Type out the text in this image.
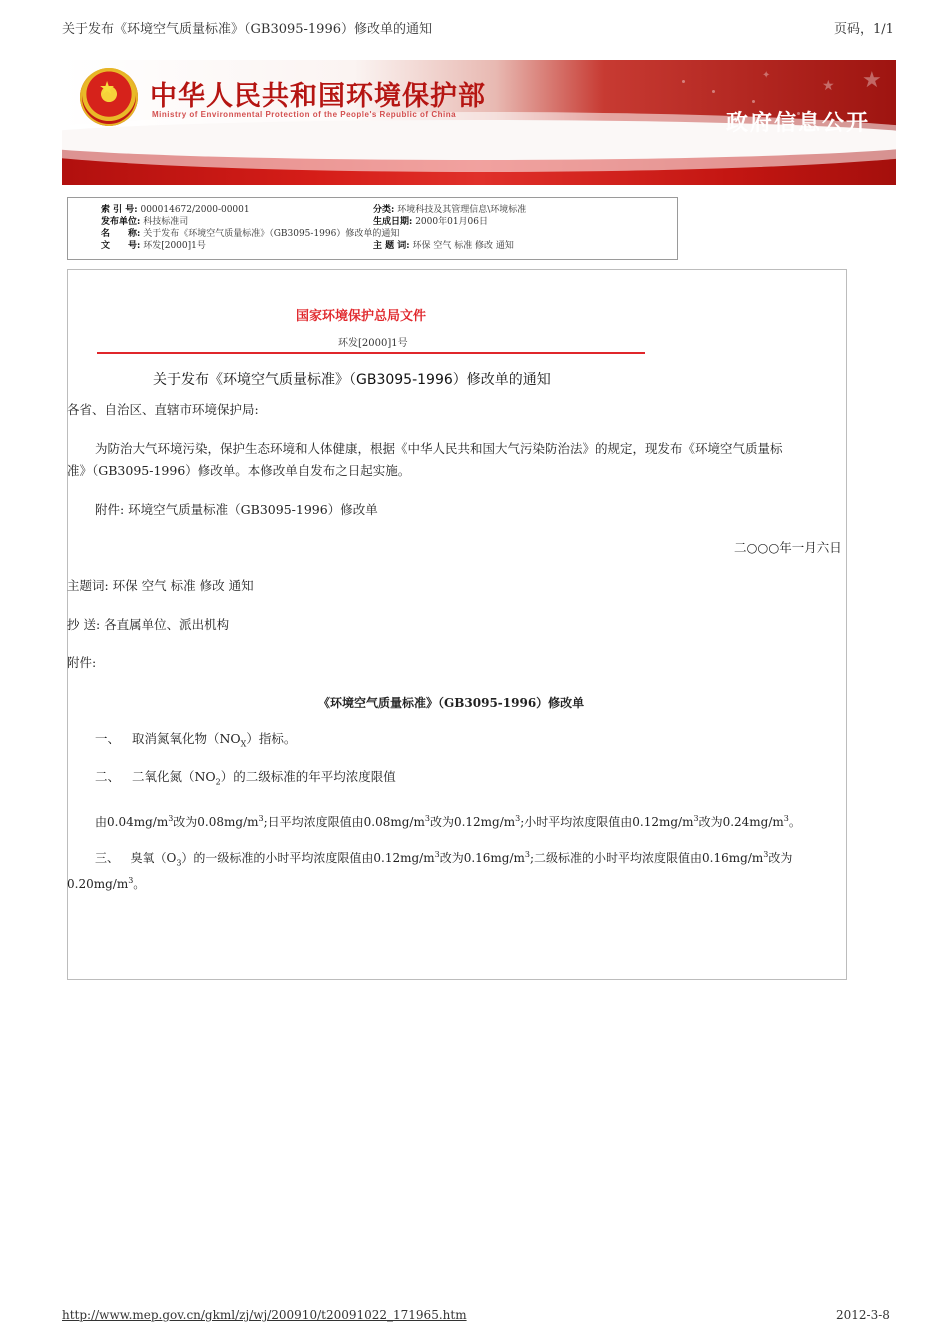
关于发布《环境空气质量标准》（GB3095-1996）修改单的通知	页码，1/1
★
★
✦
★ 中华人民共和国环境保护部
Ministry of Environmental Protection of the People's Republic of China	政府信息公开
索 引 号: 000014672/2000-00001	分类: 环境科技及其管理信息\环境标准
发布单位: 科技标准司	生成日期: 2000年01月06日
名　　称: 关于发布《环境空气质量标准》（GB3095-1996）修改单的通知
文　　号: 环发[2000]1号	主 题 词: 环保 空气 标准 修改 通知
国家环境保护总局文件
环发[2000]1号
关于发布《环境空气质量标准》（GB3095-1996）修改单的通知
各省、自治区、直辖市环境保护局:
为防治大气环境污染，保护生态环境和人体健康，根据《中华人民共和国大气污染防治法》的规定，现发布《环境空气质量标
准》（GB3095-1996）修改单。本修改单自发布之日起实施。
附件: 环境空气质量标准（GB3095-1996）修改单
二○○○年一月六日
主题词: 环保 空气 标准 修改 通知
抄 送: 各直属单位、派出机构
附件:
《环境空气质量标准》（GB3095-1996）修改单
一、 取消氮氧化物$(NO_X)$指标。
二、 二氧化氮$(NO_2)$的二级标准的年平均浓度限值
由$0.04mg/m^3$改为$0.08mg/m^3$;日平均浓度限值由$0.08mg/m^3$改为$0.12mg/m^3$;小时平均浓度限值由$0.12mg/m^3$改为$0.24mg/m^3$。
三、 臭氧$(O_3)$的一级标准的小时平均浓度限值由$0.12mg/m^3$改为$0.16mg/m^3$;二级标准的小时平均浓度限值由$0.16mg/m^3$改为
$0.20mg/m^3$。
http://www.mep.gov.cn/gkml/zj/wj/200910/t20091022_171965.htm	2012-3-8
